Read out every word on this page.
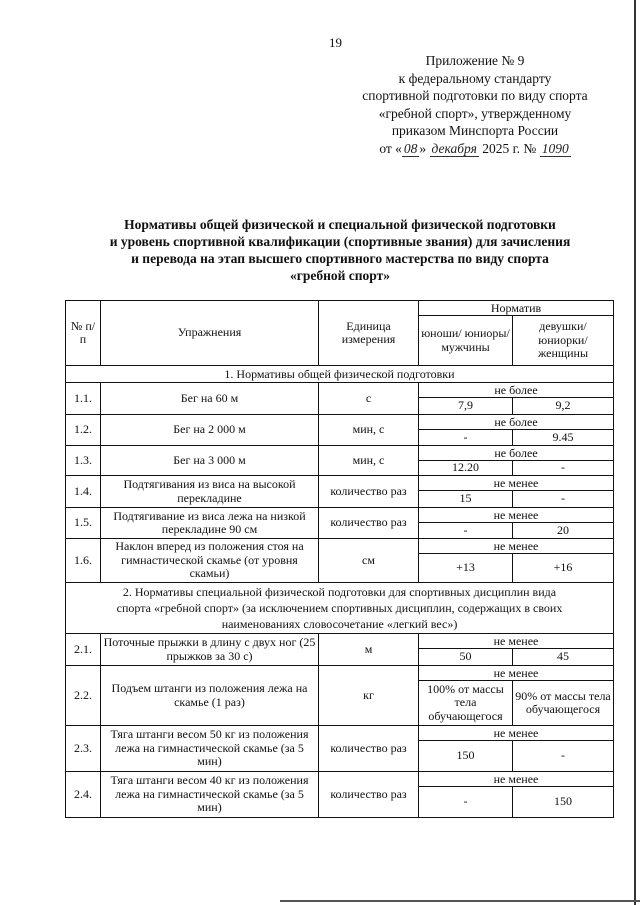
19
Приложение № 9
к федеральному стандарту
спортивной подготовки по виду спорта
«гребной спорт», утвержденному
приказом Минспорта России
от « 08 » декабря 2025 г. № 1090
Нормативы общей физической и специальной физической подготовки
и уровень спортивной квалификации (спортивные звания) для зачисления
и перевода на этап высшего спортивного мастерства по виду спорта
«гребной спорт»
№ п/п	Упражнения	Единица измерения	Норматив	
			юноши/ юниоры/ мужчины	девушки/ юниорки/ женщины
1. Нормативы общей физической подготовки				
1.1.	Бег на 60 м	с	не более	
			7,9	9,2
1.2.	Бег на 2 000 м	мин, с	не более	
			-	9.45
1.3.	Бег на 3 000 м	мин, с	не более	
			12.20	-
1.4.	Подтягивания из виса на высокой перекладине	количество раз	не менее	
			15	-
1.5.	Подтягивание из виса лежа на низкой перекладине 90 см	количество раз	не менее	
			-	20
1.6.	Наклон вперед из положения стоя на гимнастической скамье (от уровня скамьи)	см	не менее	
			+13	+16
2. Нормативы специальной физической подготовки для спортивных дисциплин вида спорта «гребной спорт» (за исключением спортивных дисциплин, содержащих в своих наименованиях словосочетание «легкий вес»)				
2.1.	Поточные прыжки в длину с двух ног (25 прыжков за 30 с)	м	не менее	
			50	45
2.2.	Подъем штанги из положения лежа на скамье (1 раз)	кг	не менее	
			100% от массы тела обучающегося	90% от массы тела обучающегося
2.3.	Тяга штанги весом 50 кг из положения лежа на гимнастической скамье (за 5 мин)	количество раз	не менее	
			150	-
2.4.	Тяга штанги весом 40 кг из положения лежа на гимнастической скамье (за 5 мин)	количество раз	не менее	
			-	150
